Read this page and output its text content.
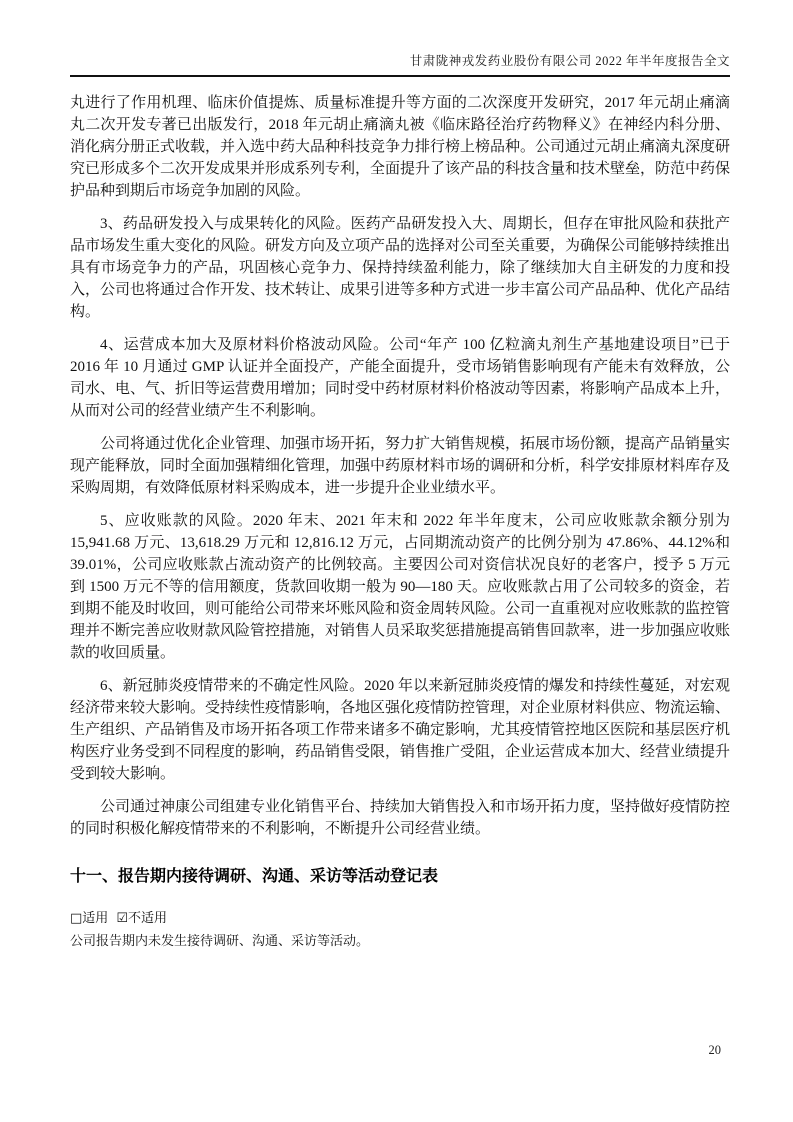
甘肃陇神戎发药业股份有限公司 2022 年半年度报告全文

丸进行了作用机理、临床价值提炼、质量标准提升等方面的二次深度开发研究，2017 年元胡止痛滴丸二次开发专著已出版发行，2018 年元胡止痛滴丸被《临床路径治疗药物释义》在神经内科分册、消化病分册正式收载，并入选中药大品种科技竞争力排行榜上榜品种。公司通过元胡止痛滴丸深度研究已形成多个二次开发成果并形成系列专利，全面提升了该产品的科技含量和技术壁垒，防范中药保护品种到期后市场竞争加剧的风险。

3、药品研发投入与成果转化的风险。医药产品研发投入大、周期长，但存在审批风险和获批产品市场发生重大变化的风险。研发方向及立项产品的选择对公司至关重要，为确保公司能够持续推出具有市场竞争力的产品，巩固核心竞争力、保持持续盈利能力，除了继续加大自主研发的力度和投入，公司也将通过合作开发、技术转让、成果引进等多种方式进一步丰富公司产品品种、优化产品结构。

4、运营成本加大及原材料价格波动风险。公司“年产 100 亿粒滴丸剂生产基地建设项目”已于 2016 年 10 月通过 GMP 认证并全面投产，产能全面提升，受市场销售影响现有产能未有效释放，公司水、电、气、折旧等运营费用增加；同时受中药材原材料价格波动等因素，将影响产品成本上升，从而对公司的经营业绩产生不利影响。

公司将通过优化企业管理、加强市场开拓，努力扩大销售规模，拓展市场份额，提高产品销量实现产能释放，同时全面加强精细化管理，加强中药原材料市场的调研和分析，科学安排原材料库存及采购周期，有效降低原材料采购成本，进一步提升企业业绩水平。

5、应收账款的风险。2020 年末、2021 年末和 2022 年半年度末，公司应收账款余额分别为 15,941.68 万元、13,618.29 万元和 12,816.12 万元，占同期流动资产的比例分别为 47.86%、44.12%和 39.01%，公司应收账款占流动资产的比例较高。主要因公司对资信状况良好的老客户，授予 5 万元到 1500 万元不等的信用额度，货款回收期一般为 90—180 天。应收账款占用了公司较多的资金，若到期不能及时收回，则可能给公司带来坏账风险和资金周转风险。公司一直重视对应收账款的监控管理并不断完善应收财款风险管控措施，对销售人员采取奖惩措施提高销售回款率，进一步加强应收账款的收回质量。

6、新冠肺炎疫情带来的不确定性风险。2020 年以来新冠肺炎疫情的爆发和持续性蔓延，对宏观经济带来较大影响。受持续性疫情影响，各地区强化疫情防控管理，对企业原材料供应、物流运输、生产组织、产品销售及市场开拓各项工作带来诸多不确定影响，尤其疫情管控地区医院和基层医疗机构医疗业务受到不同程度的影响，药品销售受限，销售推广受阻，企业运营成本加大、经营业绩提升受到较大影响。

公司通过神康公司组建专业化销售平台、持续加大销售投入和市场开拓力度，坚持做好疫情防控的同时积极化解疫情带来的不利影响，不断提升公司经营业绩。

十一、报告期内接待调研、沟通、采访等活动登记表
□适用 ☑不适用
公司报告期内未发生接待调研、沟通、采访等活动。
20
